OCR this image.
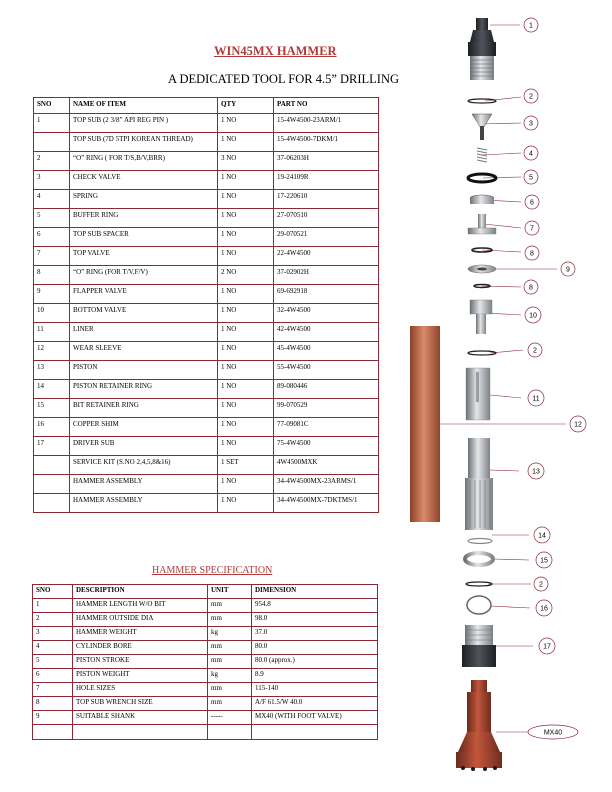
WIN45MX HAMMER
A DEDICATED TOOL FOR 4.5” DRILLING
SNO	NAME OF ITEM	QTY	PART NO
1	TOP SUB (2 3/8” API REG PIN )	1 NO	15-4W4500-23ARM/1
	TOP SUB (7D 5TPI KOREAN THREAD)	1 NO	15-4W4500-7DKM/1
2	“O” RING ( FOR T/S,B/V,BRR)	3 NO	37-06203H
3	CHECK VALVE	1 NO	19-24109R
4	SPRING	1 NO	17-220610
5	BUFFER RING	1 NO	27-070510
6	TOP SUB SPACER	1 NO	29-070521
7	TOP VALVE	1 NO	22-4W4500
8	“O” RING (FOR T/V,F/V)	2 NO	37-02902H
9	FLAPPER VALVE	1 NO	69-692918
10	BOTTOM VALVE	1 NO	32-4W4500
11	LINER	1 NO	42-4W4500
12	WEAR SLEEVE	1 NO	45-4W4500
13	PISTON	1 NO	55-4W4500
14	PISTON RETAINER RING	1 NO	89-080446
15	BIT RETAINER RING	1 NO	99-070529
16	COPPER SHIM	1 NO	77-09081C
17	DRIVER SUB	1 NO	75-4W4500
	SERVICE KIT (S.NO 2,4,5,8&16)	1 SET	4W4500MXK
	HAMMER ASSEMBLY	1 NO	34-4W4500MX-23ARMS/1
	HAMMER ASSEMBLY	1 NO	34-4W4500MX-7DKTMS/1
HAMMER SPECIFICATION
SNO	DESCRIPTION	UNIT	DIMENSION
1	HAMMER LENGTH W/O BIT	mm	954.8
2	HAMMER OUTSIDE DIA	mm	98.0
3	HAMMER WEIGHT	kg	37.0
4	CYLINDER BORE	mm	80.0
5	PISTON STROKE	mm	80.0 (approx.)
6	PISTON WEIGHT	kg	8.9
7	HOLE SIZES	mm	115-140
8	TOP SUB WRENCH SIZE	mm	A/F 61.5/W 40.0
9	SUITABLE SHANK	-----	MX40 (WITH FOOT VALVE)

1
2
3
4
5
6
7
8
9
8
10
2
11
12
13
14
15
2
16
17
MX40
